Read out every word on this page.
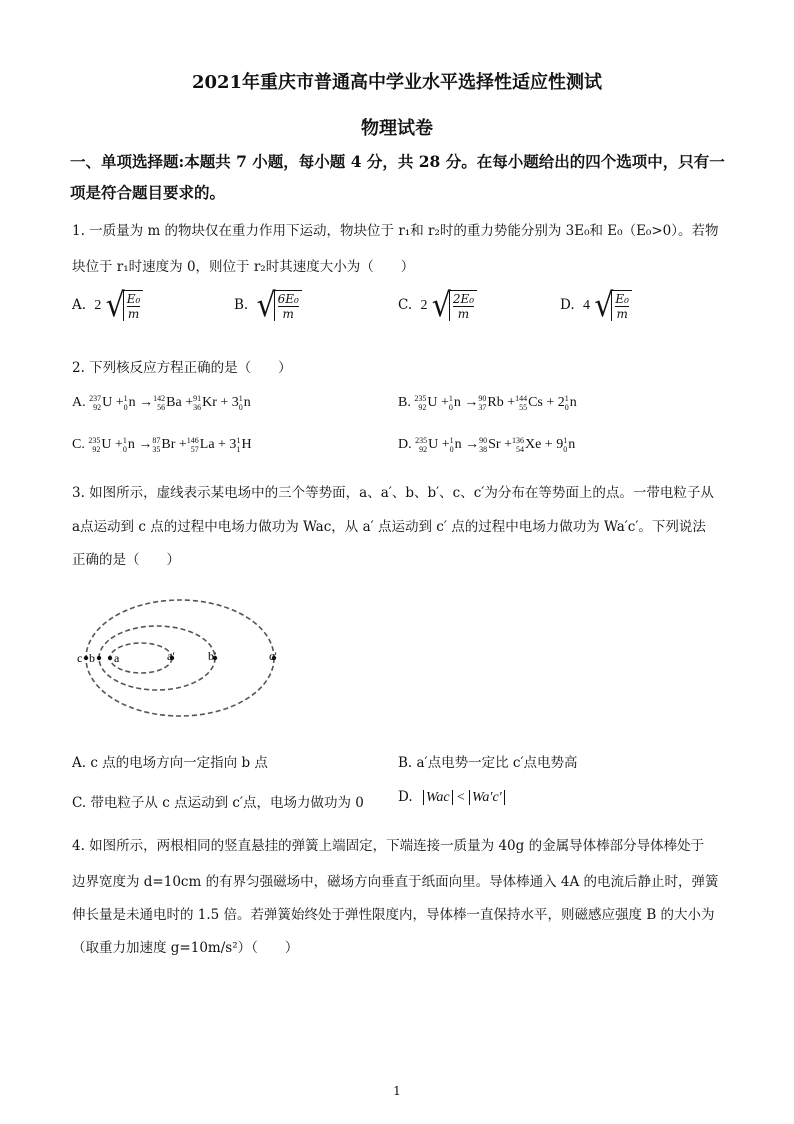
2021年重庆市普通高中学业水平选择性适应性测试
物理试卷
一、单项选择题:本题共 7 小题，每小题 4 分，共 28 分。在每小题给出的四个选项中，只有一
项是符合题目要求的。
1. 一质量为 m 的物块仅在重力作用下运动，物块位于 r₁和 r₂时的重力势能分别为 3E₀和 E₀（E₀>0）。若物
块位于 r₁时速度为 0，则位于 r₂时其速度大小为（　　）
A. 2 √ E₀
m
B. √ 6E₀
m
C. 2 √ 2E₀
m
D. 4 √ E₀
m
2. 下列核反应方程正确的是（　　）
A. 237
92 U + 1
0 n → 142
56 Ba + 91
36 Kr + 3 1
0 n	B. 235
92 U + 1
0 n → 90
37 Rb + 144
55 Cs + 2 1
0 n
C. 235
92 U + 1
0 n → 87
35 Br + 146
57 La + 3 1
1 H	D. 235
92 U + 1
0 n → 90
38 Sr + 136
54 Xe + 9 1
0 n
3. 如图所示，虚线表示某电场中的三个等势面，a、a′、b、b′、c、c′为分布在等势面上的点。一带电粒子从
a点运动到 c 点的过程中电场力做功为 Wac，从 a′ 点运动到 c′ 点的过程中电场力做功为 Wa′c′。下列说法
正确的是（　　）
c b a	a′	b′	c′
A. c 点的电场方向一定指向 b 点	B. a′点电势一定比 c′点电势高
C. 带电粒子从 c 点运动到 c′点，电场力做功为 0	D. Wac < Wa′c′
4. 如图所示，两根相同的竖直悬挂的弹簧上端固定，下端连接一质量为 40g 的金属导体棒部分导体棒处于
边界宽度为 d=10cm 的有界匀强磁场中，磁场方向垂直于纸面向里。导体棒通入 4A 的电流后静止时，弹簧
伸长量是未通电时的 1.5 倍。若弹簧始终处于弹性限度内，导体棒一直保持水平，则磁感应强度 B 的大小为
（取重力加速度 g=10m/s²）（　　）
1
